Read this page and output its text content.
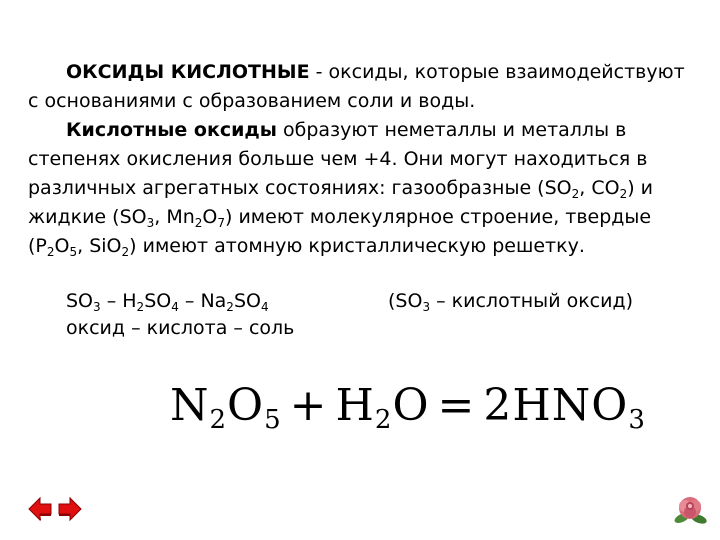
ОКСИДЫ КИСЛОТНЫЕ - оксиды, которые взаимодействуют с основаниями с образованием соли и воды.
Кислотные оксиды образуют неметаллы и металлы в степенях окисления больше чем +4. Они могут находиться в различных агрегатных состояниях: газообразные ($SO_2$, $CO_2$) и жидкие ($SO_3$, $Mn_2O_7$) имеют молекулярное строение, твердые ($P_2O_5$, SiO$_2$) имеют атомную кристаллическую решетку.
$SO_3 - H_2SO_4 - Na_2SO_4$
оксид – кислота – соль
($SO_3$ – кислотный оксид)
N2O5 + H2O = 2HNO3
